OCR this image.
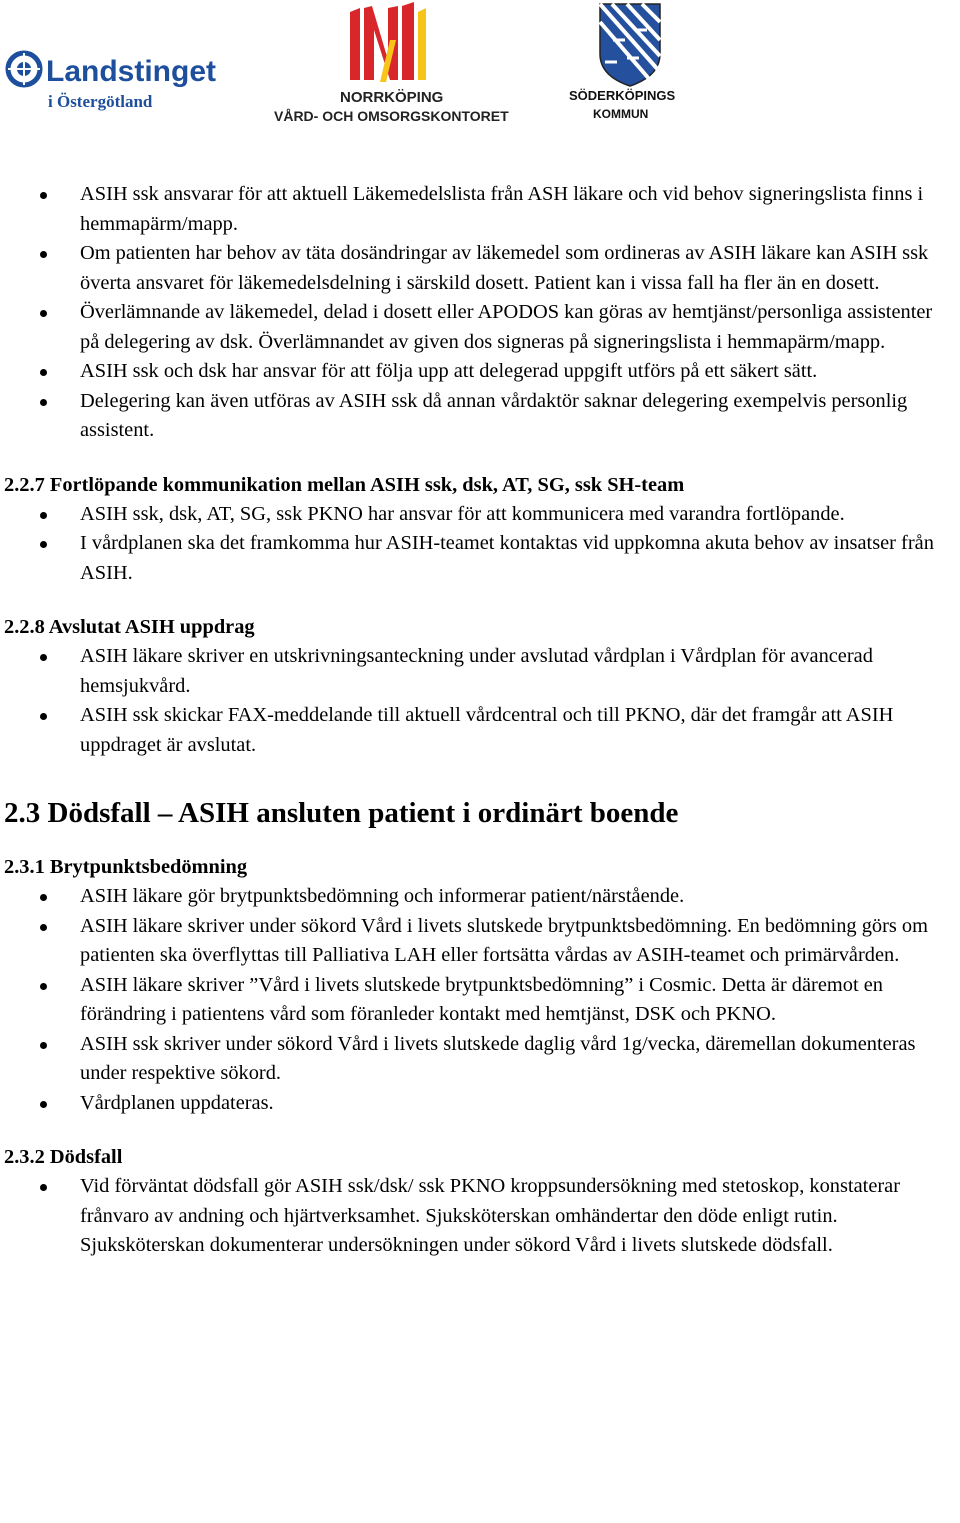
Landstinget
i Östergötland	NORRKÖPING
VÅRD- OCH OMSORGSKONTORET
SÖDERKÖPINGS
KOMMUN
ASIH ssk ansvarar för att aktuell Läkemedelslista från ASH läkare och vid behov signeringslista finns i hemmapärm/mapp.
Om patienten har behov av täta dosändringar av läkemedel som ordineras av ASIH läkare kan ASIH ssk överta ansvaret för läkemedelsdelning i särskild dosett. Patient kan i vissa fall ha fler än en dosett.
Överlämnande av läkemedel, delad i dosett eller APODOS kan göras av hemtjänst/personliga assistenter på delegering av dsk. Överlämnandet av given dos signeras på signeringslista i hemmapärm/mapp.
ASIH ssk och dsk har ansvar för att följa upp att delegerad uppgift utförs på ett säkert sätt.
Delegering kan även utföras av ASIH ssk då annan vårdaktör saknar delegering exempelvis personlig assistent.
2.2.7 Fortlöpande kommunikation mellan ASIH ssk, dsk, AT, SG, ssk SH-team
ASIH ssk, dsk, AT, SG, ssk PKNO har ansvar för att kommunicera med varandra fortlöpande.
I vårdplanen ska det framkomma hur ASIH-teamet kontaktas vid uppkomna akuta behov av insatser från ASIH.
2.2.8 Avslutat ASIH uppdrag
ASIH läkare skriver en utskrivningsanteckning under avslutad vårdplan i Vårdplan för avancerad hemsjukvård.
ASIH ssk skickar FAX-meddelande till aktuell vårdcentral och till PKNO, där det framgår att ASIH uppdraget är avslutat.
2.3 Dödsfall – ASIH ansluten patient i ordinärt boende
2.3.1 Brytpunktsbedömning
ASIH läkare gör brytpunktsbedömning och informerar patient/närstående.
ASIH läkare skriver under sökord Vård i livets slutskede brytpunktsbedömning. En bedömning görs om patienten ska överflyttas till Palliativa LAH eller fortsätta vårdas av ASIH-teamet och primärvården.
ASIH läkare skriver ”Vård i livets slutskede brytpunktsbedömning” i Cosmic. Detta är däremot en förändring i patientens vård som föranleder kontakt med hemtjänst, DSK och PKNO.
ASIH ssk skriver under sökord Vård i livets slutskede daglig vård 1g/vecka, däremellan dokumenteras under respektive sökord.
Vårdplanen uppdateras.
2.3.2 Dödsfall
Vid förväntat dödsfall gör ASIH ssk/dsk/ ssk PKNO kroppsundersökning med stetoskop, konstaterar frånvaro av andning och hjärtverksamhet. Sjuksköterskan omhändertar den döde enligt rutin. Sjuksköterskan dokumenterar undersökningen under sökord Vård i livets slutskede dödsfall.
